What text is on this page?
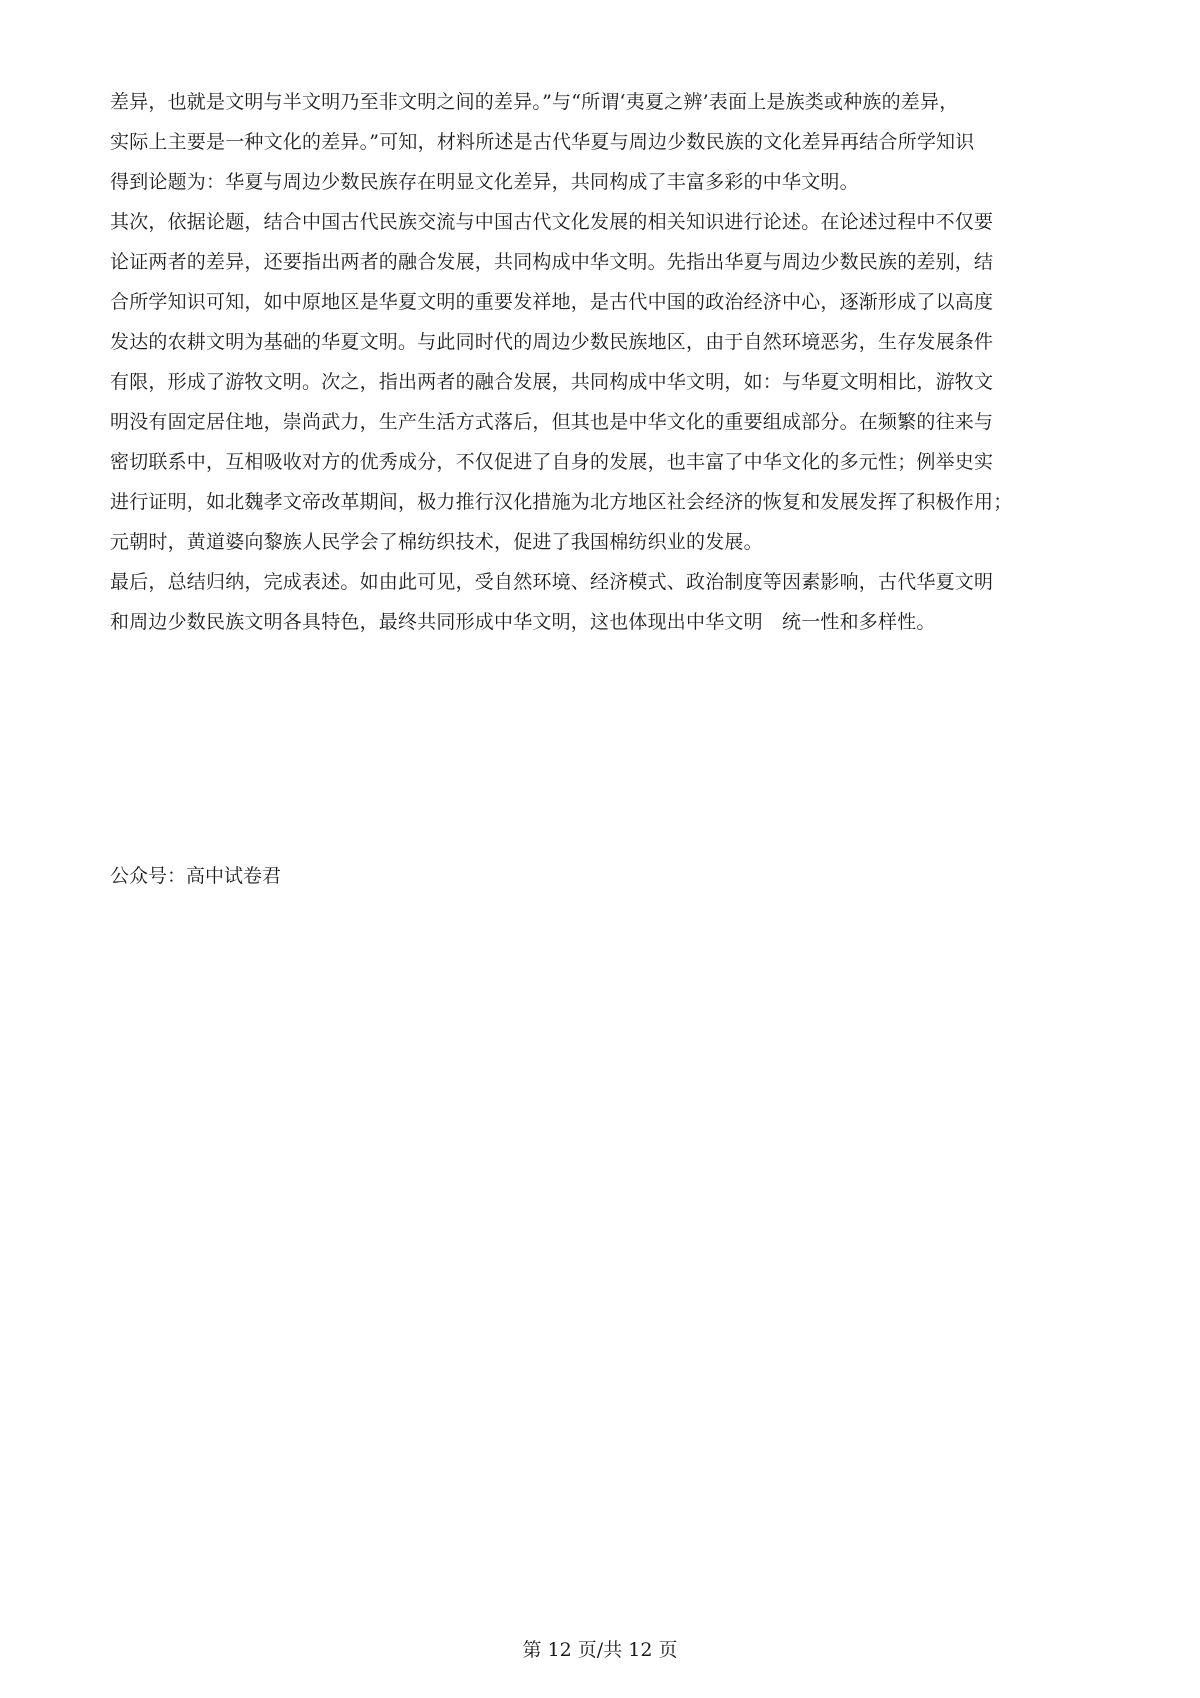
差异，也就是文明与半文明乃至非文明之间的差异。”与“所谓‘夷夏之辨’表面上是族类或种族的差异，
实际上主要是一种文化的差异。”可知，材料所述是古代华夏与周边少数民族的文化差异再结合所学知识
得到论题为：华夏与周边少数民族存在明显文化差异，共同构成了丰富多彩的中华文明。
其次，依据论题，结合中国古代民族交流与中国古代文化发展的相关知识进行论述。在论述过程中不仅要
论证两者的差异，还要指出两者的融合发展，共同构成中华文明。先指出华夏与周边少数民族的差别，结
合所学知识可知，如中原地区是华夏文明的重要发祥地，是古代中国的政治经济中心，逐渐形成了以高度
发达的农耕文明为基础的华夏文明。与此同时代的周边少数民族地区，由于自然环境恶劣，生存发展条件
有限，形成了游牧文明。次之，指出两者的融合发展，共同构成中华文明，如：与华夏文明相比，游牧文
明没有固定居住地，崇尚武力，生产生活方式落后，但其也是中华文化的重要组成部分。在频繁的往来与
密切联系中，互相吸收对方的优秀成分，不仅促进了自身的发展，也丰富了中华文化的多元性；例举史实
进行证明，如北魏孝文帝改革期间，极力推行汉化措施为北方地区社会经济的恢复和发展发挥了积极作用；
元朝时，黄道婆向黎族人民学会了棉纺织技术，促进了我国棉纺织业的发展。
最后，总结归纳，完成表述。如由此可见，受自然环境、经济模式、政治制度等因素影响，古代华夏文明
和周边少数民族文明各具特色，最终共同形成中华文明，这也体现出中华文明　统一性和多样性。
公众号：高中试卷君
第 12 页/共 12 页
